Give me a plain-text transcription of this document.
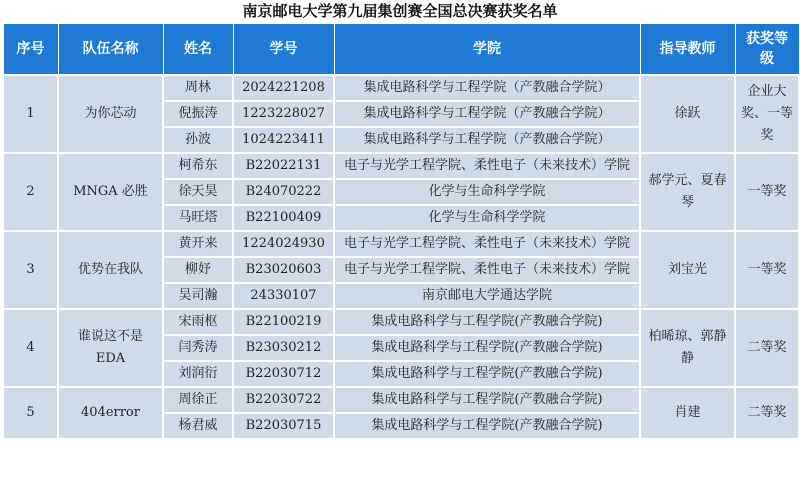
南京邮电大学第九届集创赛全国总决赛获奖名单
序号	队伍名称	姓名	学号	学院	指导教师	获奖等级
1	为你芯动	周林	2024221208	集成电路科学与工程学院（产教融合学院）	徐跃	企业大奖、一等奖
		倪振涛	1223228027	集成电路科学与工程学院（产教融合学院）		
		孙波	1024223411	集成电路科学与工程学院（产教融合学院）		
2	MNGA 必胜	柯希东	B22022131	电子与光学工程学院、柔性电子（未来技术）学院	郝学元、夏春琴	一等奖
		徐天昊	B24070222	化学与生命科学学院		
		马旺塔	B22100409	化学与生命科学学院		
3	优势在我队	黄开来	1224024930	电子与光学工程学院、柔性电子（未来技术）学院	刘宝光	一等奖
		柳妤	B23020603	电子与光学工程学院、柔性电子（未来技术）学院		
		吴司瀚	24330107	南京邮电大学通达学院		
4	谁说这不是 EDA	宋雨枢	B22100219	集成电路科学与工程学院(产教融合学院)	柏晞琼、郭静静	二等奖
		闫秀涛	B23030212	集成电路科学与工程学院(产教融合学院)		
		刘润衍	B22030712	集成电路科学与工程学院(产教融合学院)		
5	404error	周徐正	B22030722	集成电路科学与工程学院(产教融合学院)	肖建	二等奖
		杨君威	B22030715	集成电路科学与工程学院(产教融合学院)		
